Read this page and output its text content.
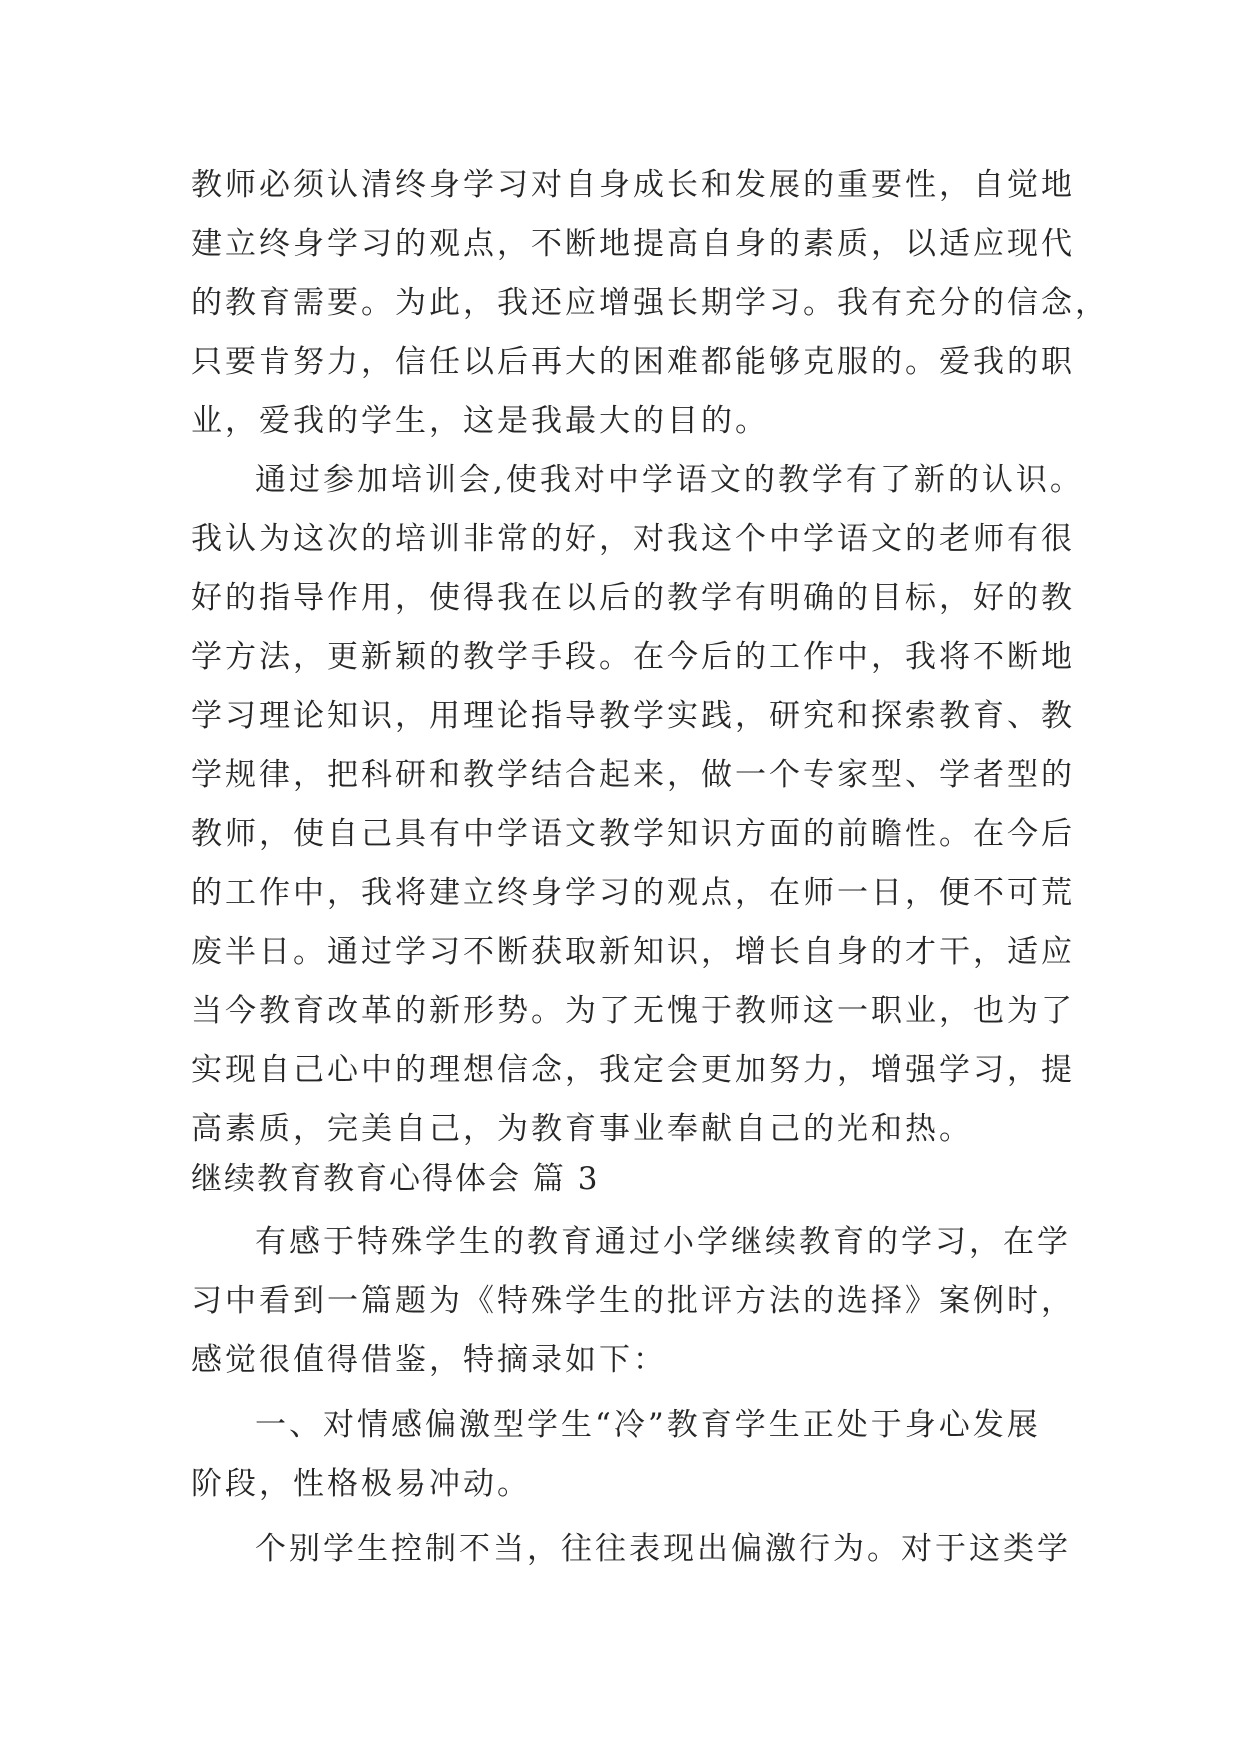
教师必须认清终身学习对自身成长和发展的重要性，自觉地
建立终身学习的观点，不断地提高自身的素质，以适应现代
的教育需要。为此，我还应增强长期学习。我有充分的信念，
只要肯努力，信任以后再大的困难都能够克服的。爱我的职
业，爱我的学生，这是我最大的目的。
通过参加培训会,使我对中学语文的教学有了新的认识。
我认为这次的培训非常的好，对我这个中学语文的老师有很
好的指导作用，使得我在以后的教学有明确的目标，好的教
学方法，更新颖的教学手段。在今后的工作中，我将不断地
学习理论知识，用理论指导教学实践，研究和探索教育、教
学规律，把科研和教学结合起来，做一个专家型、学者型的
教师，使自己具有中学语文教学知识方面的前瞻性。在今后
的工作中，我将建立终身学习的观点，在师一日，便不可荒
废半日。通过学习不断获取新知识，增长自身的才干，适应
当今教育改革的新形势。为了无愧于教师这一职业，也为了
实现自己心中的理想信念，我定会更加努力，增强学习，提
高素质，完美自己，为教育事业奉献自己的光和热。
继续教育教育心得体会 篇 3
有感于特殊学生的教育通过小学继续教育的学习，在学
习中看到一篇题为《特殊学生的批评方法的选择》案例时，
感觉很值得借鉴，特摘录如下：
一、对情感偏激型学生“冷”教育学生正处于身心发展
阶段，性格极易冲动。
个别学生控制不当，往往表现出偏激行为。对于这类学
